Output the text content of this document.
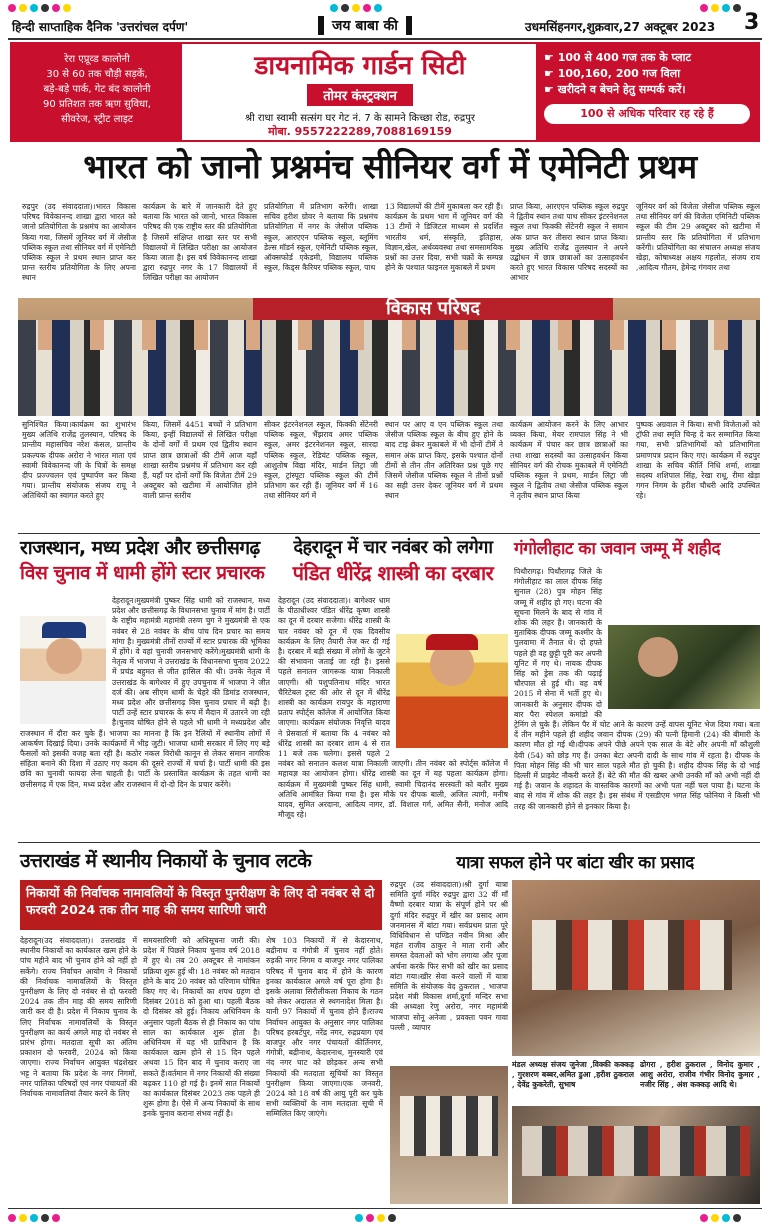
हिन्दी साप्ताहिक दैनिक 'उत्तरांचल दर्पण'	जय बाबा की	उधमसिंहनगर,शुक्रवार,27 अक्टूबर 2023 3
रेरा एप्रूव्ड कालोनी
30 से 60 तक चौड़ी सड़कें,
बड़े-बड़े पार्क, गेट बंद कालोनी
90 प्रतिशत तक ऋण सुविधा,
सीवरेज, स्ट्रीट लाइट
डायनामिक गार्डन सिटी
तोमर कंस्ट्रक्शन
श्री राधा स्वामी सत्संग घर गेट नं. 7 के सामने किच्छा रोड, रुद्रपुर
मोबा. 9557222289,7088169159
☛ 100 से 400 गज तक के प्लाट
☛ 100,160, 200 गज विला
☛ खरीदने व बेचने हेतु सम्पर्क करें।
100 से अधिक परिवार रह रहे हैं
भारत को जानो प्रश्नमंच सीनियर वर्ग में एमेनिटी प्रथम
रुद्रपुर (उद संवाददाता)।भारत विकास परिषद विवेकानन्द शाखा द्वारा भारत को जानो प्रतियोगिता के प्रश्नमंच का आयोजन किया गया, जिसमें जूनियर वर्ग में जेसीज पब्लिक स्कूल तथा सीनियर वर्ग में एमेनिटी पब्लिक स्कूल ने प्रथम स्थान प्राप्त कर प्रान्त स्तरीय प्रतियोगिता के लिए अपना स्थान
कार्यक्रम के बारे में जानकारी देते हुए बताया कि भारत को जानो, भारत विकास परिषद की एक राष्ट्रीय स्तर की प्रतियोगिता है जिसमें संक्षिप्त शाखा स्तर पर सभी विद्यालयों में लिखित परीक्षा का आयोजन किया जाता है। इस वर्ष विवेकानन्द शाखा द्वारा रुद्रपुर नगर के 17 विद्यालयों में लिखित परीक्षा का आयोजन
प्रतियोगिता में प्रतिभाग करेंगी। शाखा सचिव हरीश ग्रोवर ने बताया कि प्रश्नमंच प्रतियोगिता में नगर के जेसीज पब्लिक स्कूल, आरएएन पब्लिक स्कूल, ब्लूमिंग डेल्स मॉडर्न स्कूल, एमेनिटी पब्लिक स्कूल, ऑक्सफोर्ड एकेडमी, विद्यालय पब्लिक स्कूल, किड्स कैरियर पब्लिक स्कूल, पाथ
13 विद्यालयों की टीमें मुकाबला कर रही हैं। कार्यक्रम के प्रथम भाग में जूनियर वर्ग की 13 टीमों ने डिजिटल माध्यम से प्रदर्शित भारतीय धर्म, संस्कृति, इतिहास, विज्ञान,खेल, अर्थव्यवस्था तथा समसामयिक प्रश्नों का उत्तर दिया, सभी चक्रों के सम्पन्न होने के पश्चात फाइनल मुकाबले में प्रथम
प्राप्त किया, आरएएन पब्लिक स्कूल रुद्रपुर ने द्वितीय स्थान तथा पाथ सीकर इंटरनेशनल स्कूल तथा फिक्की सेंटेनरी स्कूल ने समान अंक प्राप्त कर तीसरा स्थान प्राप्त किया। मुख्य अतिथि राजेंद्र तुलस्यान ने अपने उद्बोधन में छात्र छात्राओं का उत्साहवर्धन करते हुए भारत विकास परिषद सदस्यों का आभार
जूनियर वर्ग को विजेता जेसीज पब्लिक स्कूल तथा सीनियर वर्ग की विजेता एमिनिटी पब्लिक स्कूल की टीम 29 अक्टूबर को खटीमा में प्रान्तीय स्तर कि प्रतियोगिता में प्रतिभाग करेंगी। प्रतियोगिता का संचालन अध्यक्ष संजय खेड़ा, कोषाध्यक्ष अक्षय गहलोत, संजय राय ,आदित्य गौतम, हेमेन्द्र गंगवार तथा
विकास परिषद
सुनिश्चित किया।कार्यक्रम का शुभारंभ मुख्य अतिथि राजेंद्र तुलस्यान, परिषद के प्रान्तीय महासचिव नरेश कंसल, प्रान्तीय प्रकल्पक दीपक अरोरा ने भारत माता एवं स्वामी विवेकानन्द जी के चित्रों के समक्ष दीप प्रज्ज्वलन एवं पुष्पार्पण कर किया गया। प्रान्तीय संयोजक संजय राघू ने अतिथियों का स्वागत करते हुए
किया, जिसमें 4451 बच्चों ने प्रतिभाग किया, इन्हीं विद्यालयों से लिखित परीक्षा के दोनों वर्गों में प्रथम एवं द्वितीय स्थान प्राप्त छात्र छात्राओं की टीमें आज यहाँ शाखा स्तरीय प्रश्नमंच में प्रतिभाग कर रही हैं, यहाँ पर दोनों वर्गों कि विजेता टीमें 29 अक्टूबर को खटीमा में आयोजित होने वाली प्रान्त स्तरीय
सीकर इंटरनेशनल स्कूल, फिक्की सेंटेनरी पब्लिक स्कूल, भैंझराव अमर पब्लिक स्कूल, अमर इंटरनेशनल स्कूल, सारदा पब्लिक स्कूल, रेडियंट पब्लिक स्कूल, आशुतोष विद्या मंदिर, मार्डन लिट्रा जी स्कूल, ट्रांस्पूटा पब्लिक स्कूल की टीमें प्रतिभाग कर रही हैं। जूनियर वर्ग में 16 तथा सीनियर वर्ग में
स्थान पर आए व एन पब्लिक स्कूल तथा जेसीज पब्लिक स्कूल के बीच हुए होने के बाद टाइ ब्रेकर मुकाबले में भी दोनों टीमें ने समान अंक प्राप्त किए, इसके पश्चात दोनों टीमों से तीन तीन अतिरिक्त प्रश्न पूछे गए जिसमें जेसीज पब्लिक स्कूल ने तीनों प्रश्नों का सही उत्तर देकर जूनियर वर्ग में प्रथम स्थान
कार्यक्रम आयोजन करने के लिए आभार व्यक्त किया, मेयर रामपाल सिंह ने भी कार्यक्रम में पंचार कर छात्र छात्राओं का तथा शाखा सदस्यों का उत्साहवर्धन किया सीनियर वर्ग की रोचक मुकाबले में एमेनिटी पब्लिक स्कूल ने प्रथम, मार्डन लिट्रा जी स्कूल ने द्वितीय तथा जेसीज पब्लिक स्कूल ने तृतीय स्थान प्राप्त किया
पुष्पक अग्रवाल ने किया। सभी विजेताओं को ट्रॉफी तथा स्मृति चिन्ह दे कर सम्मानित किया गया, सभी प्रतिभागियों को प्रतिभागिता प्रमाणपत्र प्रदान किए गए। कार्यक्रम में रुद्रपुर शाखा के सचिव कीर्ति निधि शर्मा, शाखा सदस्य शशिपाल सिंह, रेखा राधू, रीमा खेड़ा गगन निगम के हरीश चौधरी आदि उपस्थित रहे।
राजस्थान, मध्य प्रदेश और छत्तीसगढ़
विस चुनाव में धामी होंगे स्टार प्रचारक
देहरादून।मुख्यमंत्री पुष्कर सिंह धामी को राजस्थान, मध्य प्रदेश और छत्तीसगढ़ के विधानसभा चुनाव में मांग है। पार्टी के राष्ट्रीय महामंत्री महामंत्री तरुण चुग ने मुख्यमंत्री से एक नवंबर से 28 नवंबर के बीच पांच दिन प्रचार का समय मांगा है। मुख्यमंत्री तीनों राज्यों में स्टार प्रचारक की भूमिका में होंगे। वे वहां चुनावी जनसभाएं करेंगे।मुख्यमंत्री धामी के नेतृत्व में भाजपा ने उत्तराखंड के विधानसभा चुनाव 2022 में प्रचंड बहुमत से जीत हासिल की थी। उनके नेतृत्व में उत्तराखंड के बागेश्वर में हुए उपचुनाव में भाजपा ने जीत दर्ज की। अब सीएम धामी के चेहरे की डिमांड राजस्थान, मध्य प्रदेश और छत्तीसगढ़ विस चुनाव प्रचार में बढ़ी है। पार्टी उन्हें स्टार प्रचारक के रूप में मैदान में उतारने जा रही है।चुनाव घोषित होने से पहले भी धामी ने मध्यप्रदेश और राजस्थान में दौरा कर चुके हैं। भाजपा का मानना है कि इन रैलियों में स्थानीय लोगों में आकर्षण दिखाई दिया। उनके कार्यक्रमों में भीड़ जुटी। भाजपा धामी सरकार में लिए गए बड़े फैसलों को इसकी वजह बता रही है। कठोर नकल विरोधी कानून से लेकर समान नागरिक संहिता बनाने की दिशा में उठाए गए कदम की दूसरे राज्यों में चर्चा है। पार्टी धामी की इस छवि का चुनावी फायदा लेना चाहती है। पार्टी के प्रस्तावित कार्यक्रम के तहत धामी का छत्तीसगढ़ में एक दिन, मध्य प्रदेश और राजस्थान में दो-दो दिन के प्रचार करेंगे।
देहरादून में चार नवंबर को लगेगा
पंडित धीरेंद्र शास्त्री का दरबार
देहरादून (उद संवाददाता)। बागेश्वर धाम के पीठाधीश्वर पंडित धीरेंद्र कृष्ण शास्त्री का दून में दरबार सजेगा। धीरेंद्र शास्त्री के चार नवंबर को दून में एक दिवसीय कार्यक्रम के लिए तैयारी तेज कर दी गई है। दरबार में बड़ी संख्या में लोगों के जुटने की संभावना जताई जा रही है। इससे पहले सनातन जागरूक यात्रा निकाली जाएगी। श्री पशुपतिनाथ मंदिर भारत चैरिटेबल ट्रस्ट की ओर से दून में धीरेंद्र शास्त्री का कार्यक्रम रायपुर के महाराणा प्रताप स्पोर्ट्स कॉलेज में आयोजित किया जाएगा। कार्यक्रम संयोजक निवृत्ति यादव ने प्रेसवार्ता में बताया कि 4 नवंबर को धीरेंद्र शास्त्री का दरबार शाम 4 से रात 11 बजे तक चलेगा। इससे पहले 2 नवंबर को सनातन कलश यात्रा निकाली जाएगी। तीन नवंबर को स्पोर्ट्स कॉलेज में महायज्ञ का आयोजन होगा। धीरेंद्र शास्त्री का दून में यह पहला कार्यक्रम होगा। कार्यक्रम में मुख्यमंत्री पुष्कर सिंह धामी, स्वामी चिदानंद सरस्वती को बतौर मुख्य अतिथि आमंत्रित किया गया है। इस मौके पर दीपक बाली, अजित त्यागी, मनीष यादव, सुमित अरदाना, आदित्य नागर, डॉ. विशाल गर्ग, अमित सैनी, मनोज आदि मौजूद रहे।
गंगोलीहाट का जवान जम्मू में शहीद
पिथौरागढ़। पिथौरागढ़ जिले के गंगोलीहाट का लाल दीपक सिंह सुनाल (28) पुत्र मोहन सिंह जम्मू में शहीद हो गए। घटना की सूचना मिलने के बाद से गांव में शोक की लहर है। जानकारी के मुताबिक दीपक जम्मू कश्मीर के पुलवामा में तैनात थे। दो हफ्ते पहले ही वह छुट्टी पूरी कर अपनी यूनिट में गए थे। नायक दीपक सिंह को ड्रेस तक की पढ़ाई चौरपाल से हुई थी। वह वर्ष 2015 में सेना में भर्ती हुए थे। जानकारी के अनुसार दीपक दो बार पैरा स्पेशल कमांडो की ट्रेनिंग ले चुके हैं। लेकिन पैर में चोट आने के कारण उन्हें वापस यूनिट भेज दिया गया। बता दें तीन महीने पहले ही शहीद जवान दीपक (29) की पत्नी हिमानी (24) की बीमारी के कारण मौत हो गई थी।दीपक अपने पीछे अपने एक साल के बेटे और अपनी माँ कौशुली देवी (54) को छोड़ गए हैं। उनका बेटा अपनी दादी के साथ गांव में रहता है। दीपक के पिता मोहन सिंह की भी चार साल पहले मौत हो चुकी है। शहीद दीपक सिंह के दो भाई दिल्ली में प्राइवेट नौकरी करते हैं। बेटे की मौत की खबर अभी उनकी माँ को अभी नहीं दी गई है। जवान के शहादत के वास्तविक कारणों का अभी पता नहीं चल पाया है। घटना के बाद से गांव में शोक की लहर है। इस संबंध में एसडीएम भगत सिंह फोनिया ने किसी भी तरह की जानकारी होने से इनकार किया है।
उत्तराखंड में स्थानीय निकायों के चुनाव लटके
निकायों की निर्वाचक नामावलियों के विस्तृत पुनरीक्षण के लिए दो नवंबर से दो फरवरी 2024 तक तीन माह की समय सारिणी जारी
देहरादून(उद संवाददाता)। उत्तराखंड में स्थानीय निकायों का कार्यकाल खत्म होने के पांच महीने बाद भी चुनाव होने को नहीं हो सकेंगे। राज्य निर्वाचन आयोग ने निकायों की निर्वाचक नामावलियों के विस्तृत पुनरीक्षण के लिए दो नवंबर से दो फरवरी 2024 तक तीन माह की समय सारिणी जारी कर दी है। प्रदेश में निकाय चुनाव के लिए निर्वाचक नामावलियों के विस्तृत पुनरीक्षण का कार्य अगले माह दो नवंबर से प्रारंभ होगा। मतदाता सूची का अंतिम प्रकाशन दो फरवरी, 2024 को किया जाएगा। राज्य निर्वाचन आयुक्त चंद्रशेखर भट्ट ने बताया कि प्रदेश के नगर निगमों, नगर पालिका परिषदों एवं नगर पंचायतों की निर्वाचक नामावलियां तैयार करने के लिए
समयसारिणी को अधिसूचना जारी की। प्रदेश में पिछले निकाय चुनाव वर्ष 2018 में हुए थे। तब 20 अक्टूबर से नामांकन प्रक्रिया शुरू हुई थी। 18 नवंबर को मतदान होने के बाद 20 नवंबर को परिणाम घोषित किए गए थे। निकायों का शपथ ग्रहण दो दिसंबर 2018 को हुआ था। पहली बैठक दो दिसंबर को हुई। निकाय अधिनियम के अनुसार पहली बैठक से ही निकाय का पांच साल का कार्यकाल शुरू होता है। अधिनियम में यह भी प्राविधान है कि कार्यकाल खत्म होने से 15 दिन पहले अथवा 15 दिन बाद में चुनाव कराए जा सकते हैं।वर्तमान में नगर निकायों की संख्या बढ़कर 110 हो गई है। इनमें सात निकायों का कार्यकाल दिसंबर 2023 तक पहले ही शुरू होगा है। ऐसे में अन्य निकायों के साथ इनके चुनाव कराना संभव नहीं है।
शेष 103 निकायों में से केदारनाथ, बद्रीनाथ व गंगोत्री में चुनाव नहीं होते। रुड़की नगर निगम व बाजपुर नगर पालिका परिषद में चुनाव बाद में होने के कारण इनका कार्यकाल अगले वर्ष पूरा होगा है। इसके अलावा सिरौलीकला निकाय के गठन को लेकर अदालत से स्थगनादेश मिला है। यानी 97 निकायों में चुनाव होने हैं।राज्य निर्वाचन आयुक्त के अनुसार नगर पालिका परिषद हरबर्टपुर, नरेंद्र नगर, रुद्रप्रयाग एवं बाजपुर और नगर पंचायतों कीर्तिनगर, गंगोत्री, बद्रीनाथ, केदारनाथ, मुनस्यारी एवं नंद नगर घाट को छोड़कर अन्य सभी निकायों की मतदाता सूचियों का विस्तृत पुनरीक्षण किया जाएगा।एक जनवरी, 2024 को 18 वर्ष की आयु पूरी कर चुके सभी व्यक्तियों के नाम मतदाता सूची में सम्मिलित किए जाएंगे।
यात्रा सफल होने पर बांटा खीर का प्रसाद
रुद्रपुर (उद संवाददाता)।श्री दुर्गा यात्रा समिति दुर्गा मंदिर रुद्रपुर द्वारा 32 वीं माँ वैष्णो दरबार यात्रा के संपूर्ण होने पर श्री दुर्गा मंदिर रुद्रपुर में खीर का प्रसाद आम जनमानस में बांटा गया। सर्वप्रथम प्रातः पूरे विधिविधान से पण्डित नवीन मिश्रा और महंत राजीव ठाकुर ने माता रानी और समस्त देवताओं को भोग लगाया और पूजा अर्चना करके फिर सभी को खीर का प्रसाद बांटा गया।खीर सेवा करने वालों में यात्रा समिति के संयोजक वेद ठुकराल , भाजपा प्रदेश मंत्री विकास शर्मा,दुर्गा मन्दिर सभा की अध्यक्षा रेणु अरोरा, नगर महामंत्री भाजपा सोनू अनेजा , प्रवक्ता पवन गावा पल्ली , व्यापार
मंडल अध्यक्ष संजय जुनेजा ,विक्की कक्कड़ , गुरशरण बब्बर,अमित डुआ ,हरीश ठुकराल , देवेंद्र कुकरेती, सुभाष
ढोगरा , हरीश ठुकराल , विनोद कुमार , आशु अरोरा, राजीव गंभीर विनोद कुमार , नजीर सिंह , अंश कक्कड़ आदि थे।
